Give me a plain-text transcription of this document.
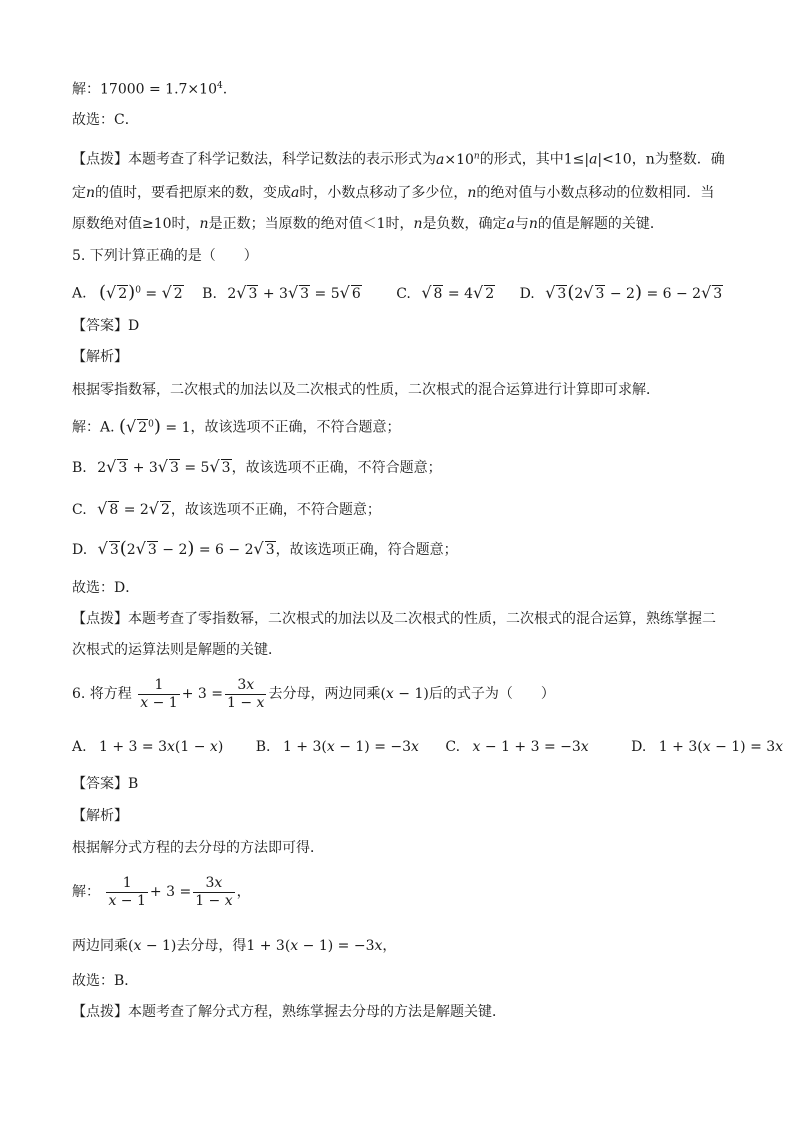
解：$17000 = 1.7\times 10^4$.
故选：C．
【点拨】本题考查了科学记数法，科学记数法的表示形式为$a\times 10^n$的形式，其中1≤|a|<10，n为整数．确
定n的值时，要看把原来的数，变成a时，小数点移动了多少位，n的绝对值与小数点移动的位数相同．当
原数绝对值≥10时，n是正数；当原数的绝对值＜1时，n是负数，确定a与n的值是解题的关键．
5. 下列计算正确的是（　　）
A. (√ 2)$^0$ = √ 2 B. 2√ 3 + 3√ 3 = 5√ 6	C. √ 8 = 4√ 2 D. √ 3(2√ 3 − 2) = 6 − 2√ 3
【答案】D
【解析】
根据零指数幂，二次根式的加法以及二次根式的性质，二次根式的混合运算进行计算即可求解．
解：A. (√ $2^0) = 1$，故该选项不正确，不符合题意；
B. 2√ 3 + 3√ 3 = 5√ 3，故该选项不正确，不符合题意；
C. √ 8 = 2√ 2，故该选项不正确，不符合题意；
D. √ 3(2√ 3 − 2) = 6 − 2√ 3，故该选项正确，符合题意；
故选：D．
【点拨】本题考查了零指数幂，二次根式的加法以及二次根式的性质，二次根式的混合运算，熟练掌握二
次根式的运算法则是解题的关键．
6. 将方程 $\frac{1}{x - 1} + 3 = \frac{3x}{1 - x}$ 去分母，两边同乘(x − 1)后的式子为（　　）
A. 1 + 3 = 3x(1 − x) B. 1 + 3(x − 1) = −3x C. x − 1 + 3 = −3x	D. 1 + 3(x − 1) = 3x
【答案】B
【解析】
根据解分式方程的去分母的方法即可得．
解： $\frac{1}{x - 1} + 3 = \frac{3x}{1 - x}$ ，
两边同乘(x − 1)去分母，得1 + 3(x − 1) = −3x，
故选：B．
【点拨】本题考查了解分式方程，熟练掌握去分母的方法是解题关键．
